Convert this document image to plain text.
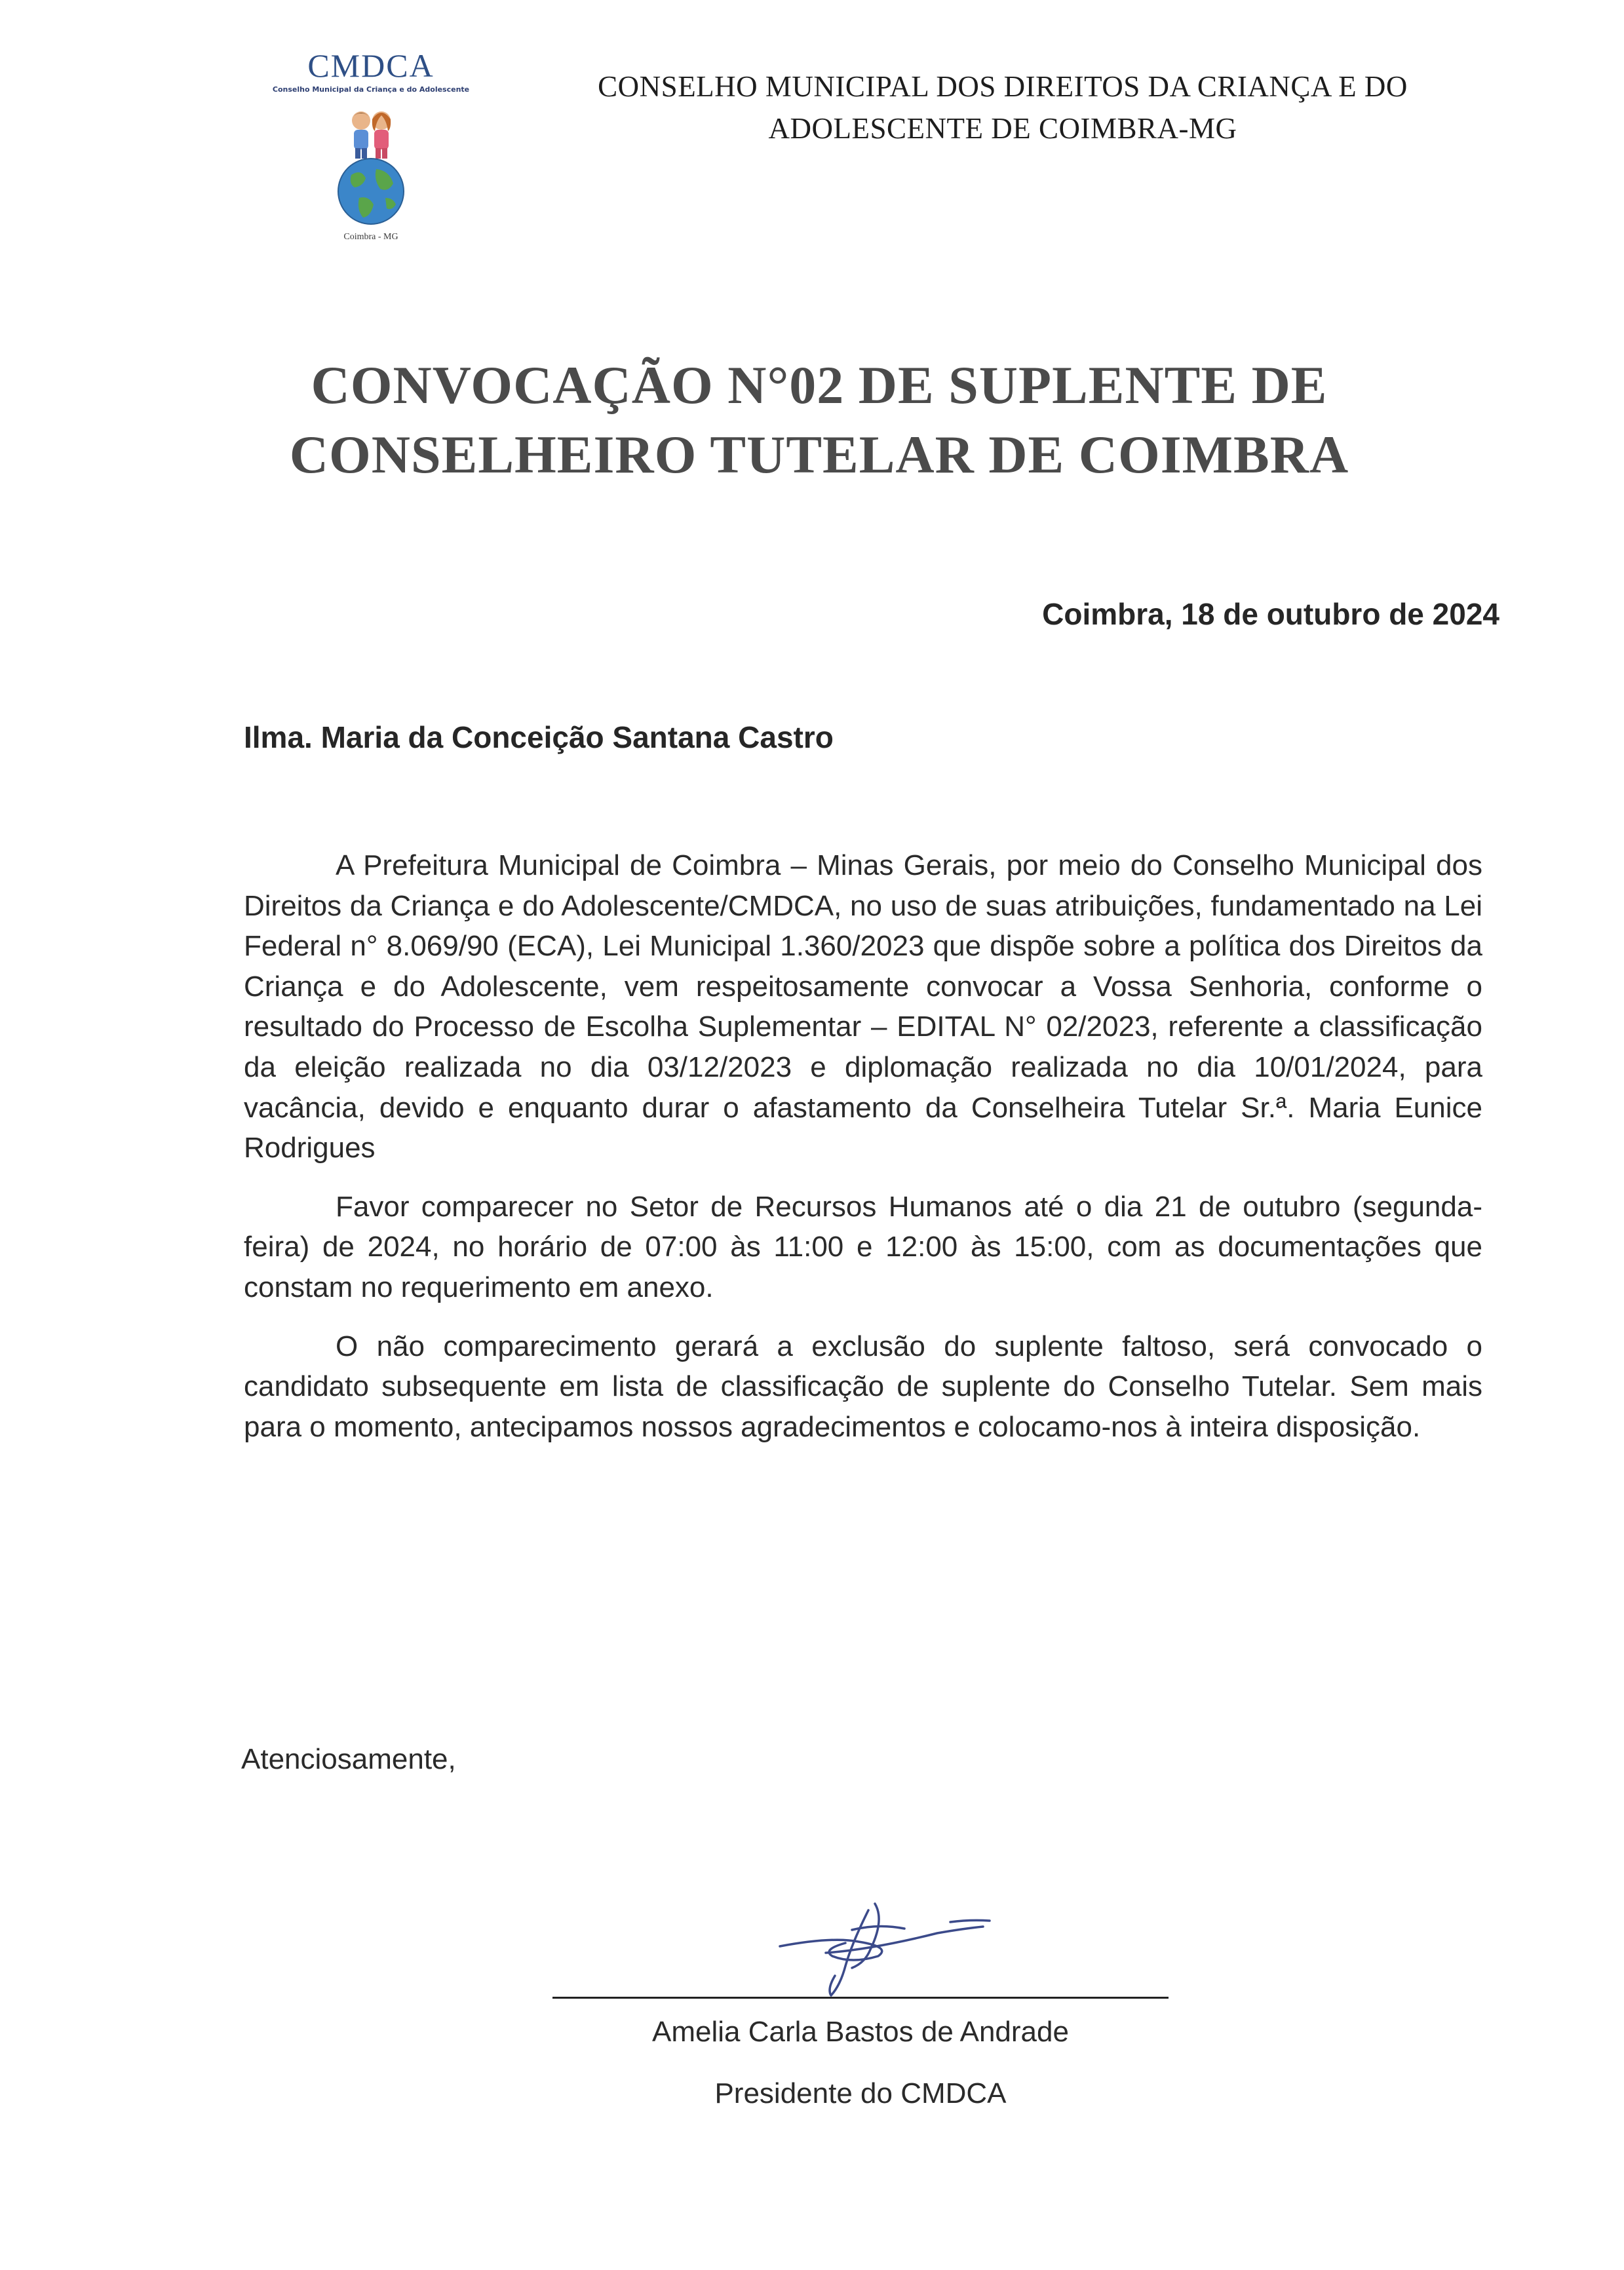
CMDCA
Conselho Municipal da Criança e do Adolescente
Coimbra - MG
CONSELHO MUNICIPAL DOS DIREITOS DA CRIANÇA E DO
ADOLESCENTE DE COIMBRA-MG
CONVOCAÇÃO N°02 DE SUPLENTE DE
CONSELHEIRO TUTELAR DE COIMBRA
Coimbra, 18 de outubro de 2024
Ilma. Maria da Conceição Santana Castro

A Prefeitura Municipal de Coimbra – Minas Gerais, por meio do Conselho Municipal dos Direitos da Criança e do Adolescente/CMDCA, no uso de suas atribuições, fundamentado na Lei Federal n° 8.069/90 (ECA), Lei Municipal 1.360/2023 que dispõe sobre a política dos Direitos da Criança e do Adolescente, vem respeitosamente convocar a Vossa Senhoria, conforme o resultado do Processo de Escolha Suplementar – EDITAL N° 02/2023, referente a classificação da eleição realizada no dia 03/12/2023 e diplomação realizada no dia 10/01/2024, para vacância, devido e enquanto durar o afastamento da Conselheira Tutelar Sr.ª. Maria Eunice Rodrigues

Favor comparecer no Setor de Recursos Humanos até o dia 21 de outubro (segunda-feira) de 2024, no horário de 07:00 às 11:00 e 12:00 às 15:00, com as documentações que constam no requerimento em anexo.

O não comparecimento gerará a exclusão do suplente faltoso, será convocado o candidato subsequente em lista de classificação de suplente do Conselho Tutelar. Sem mais para o momento, antecipamos nossos agradecimentos e colocamo-nos à inteira disposição.

Atenciosamente,
Amelia Carla Bastos de Andrade
Presidente do CMDCA
